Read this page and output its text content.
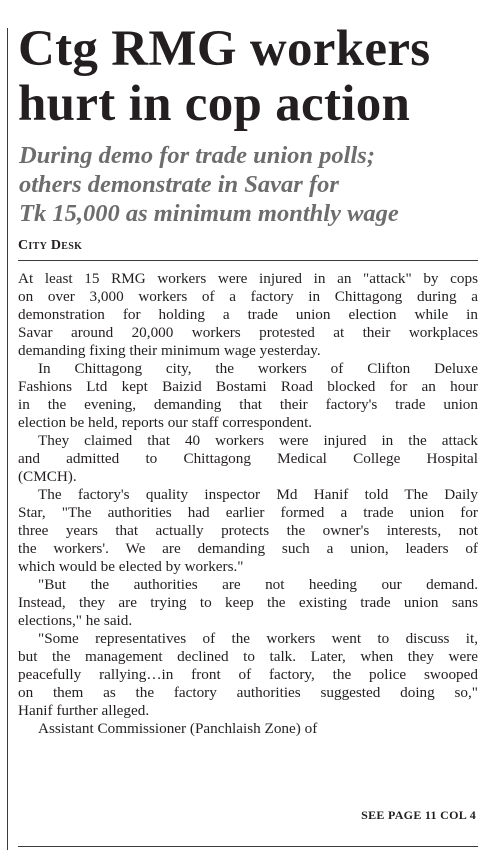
Ctg RMG workers
hurt in cop action
During demo for trade union polls;
others demonstrate in Savar for
Tk 15,000 as minimum monthly wage
City Desk
At least 15 RMG workers were injured in an "attack" by cops
on over 3,000 workers of a factory in Chittagong during a
demonstration for holding a trade union election while in
Savar around 20,000 workers protested at their workplaces
demanding fixing their minimum wage yesterday.
In Chittagong city, the workers of Clifton Deluxe
Fashions Ltd kept Baizid Bostami Road blocked for an hour
in the evening, demanding that their factory's trade union
election be held, reports our staff correspondent.
They claimed that 40 workers were injured in the attack
and admitted to Chittagong Medical College Hospital
(CMCH).
The factory's quality inspector Md Hanif told The Daily
Star, "The authorities had earlier formed a trade union for
three years that actually protects the owner's interests, not
the workers'. We are demanding such a union, leaders of
which would be elected by workers."
"But the authorities are not heeding our demand.
Instead, they are trying to keep the existing trade union sans
elections," he said.
"Some representatives of the workers went to discuss it,
but the management declined to talk. Later, when they were
peacefully rallying…in front of factory, the police swooped
on them as the factory authorities suggested doing so,"
Hanif further alleged.
Assistant Commissioner (Panchlaish Zone) of
SEE PAGE 11 COL 4
